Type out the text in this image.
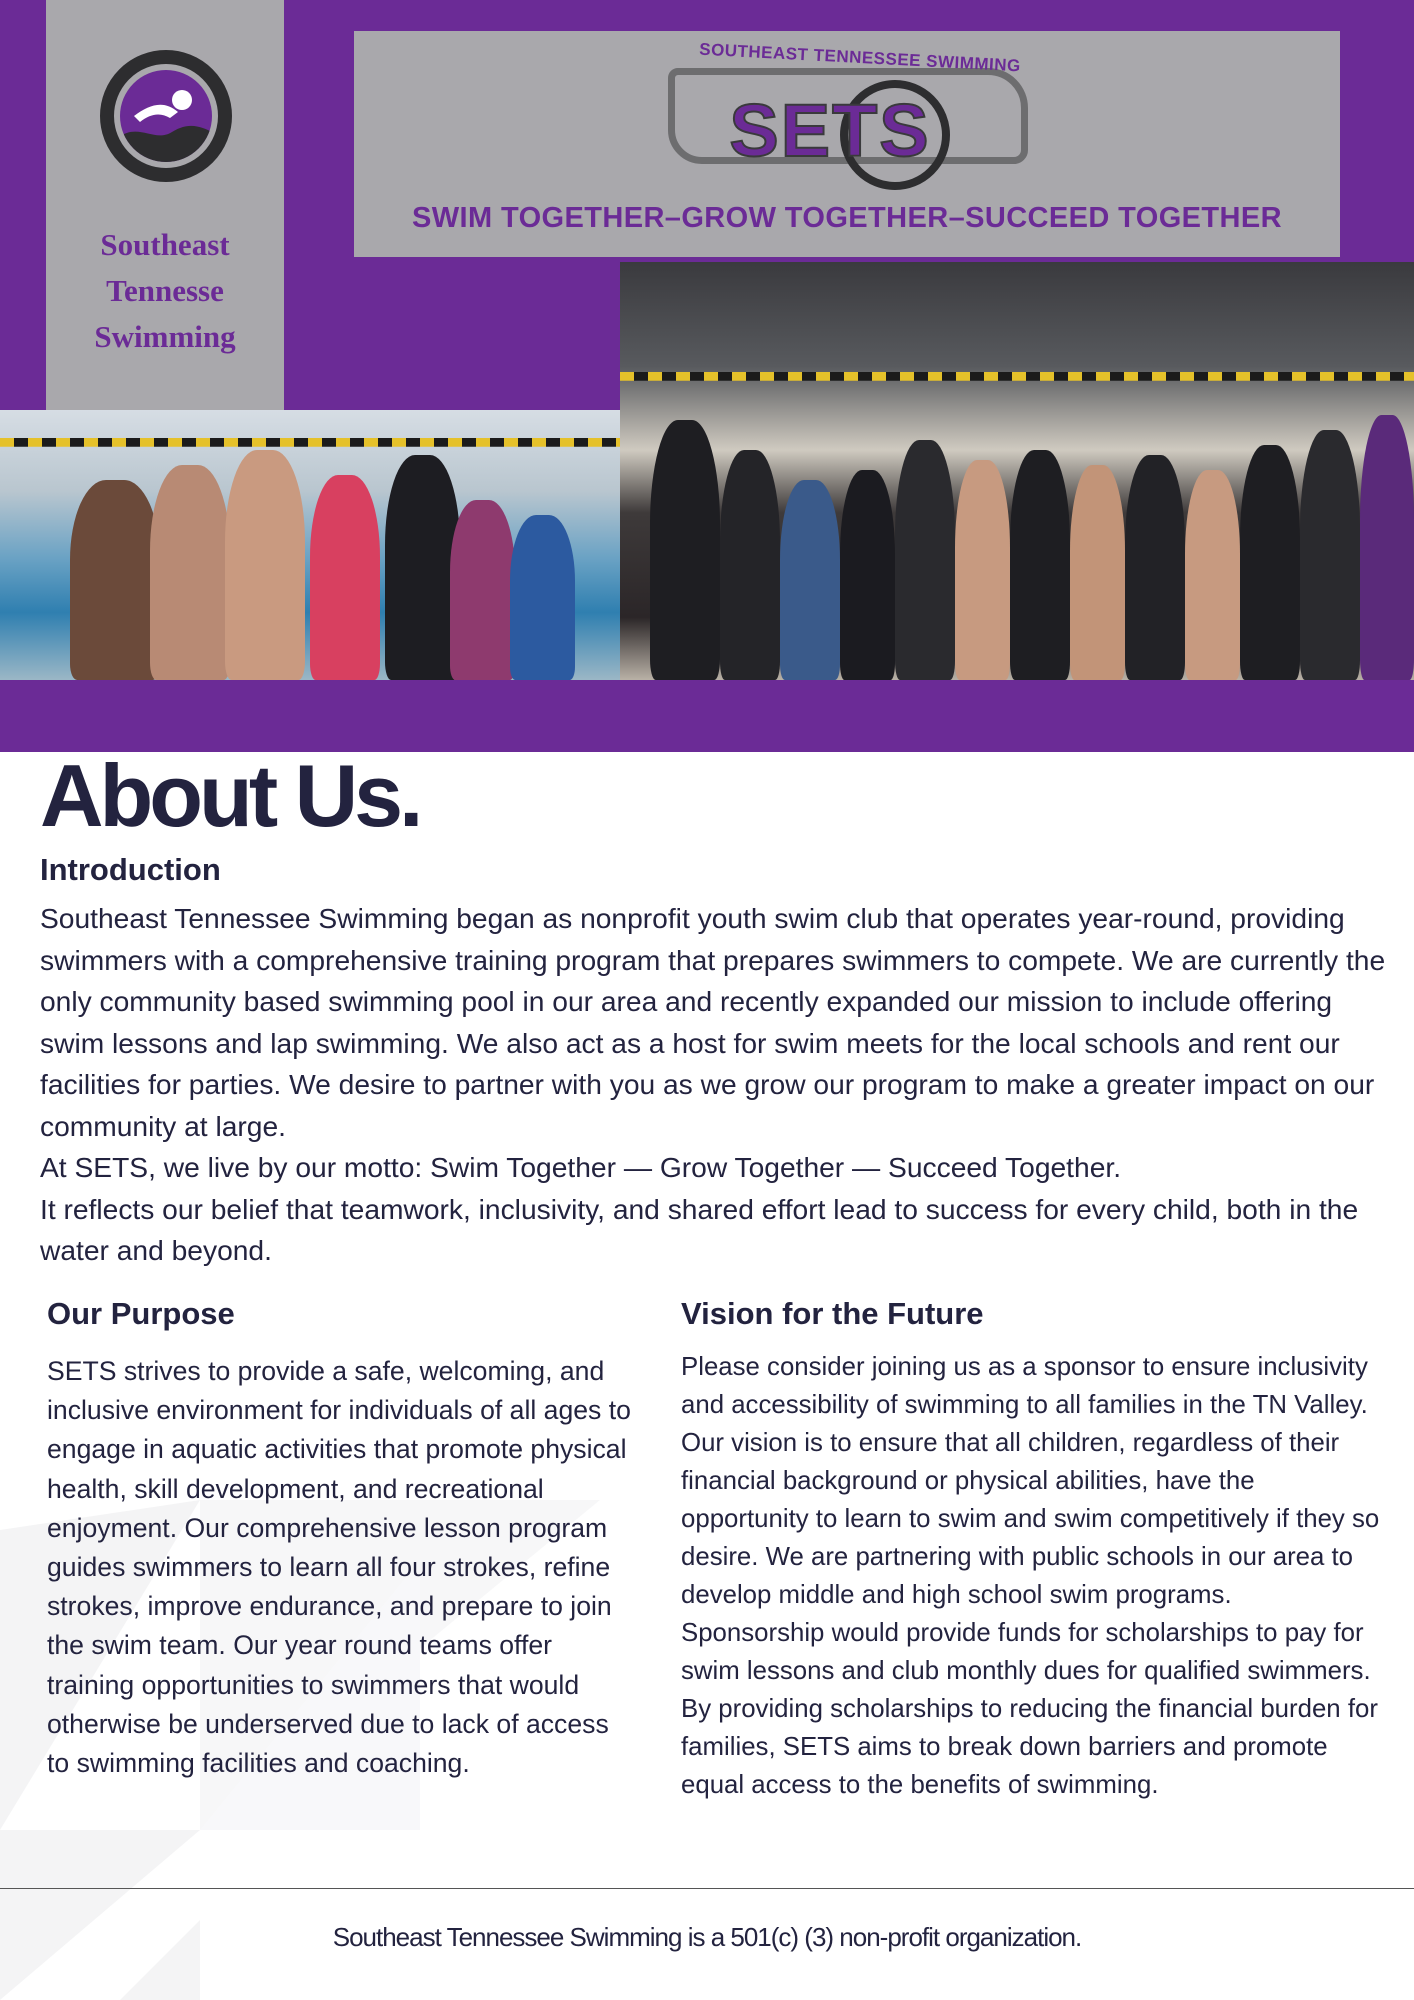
Southeast
Tennesse
Swimming
SOUTHEAST TENNESSEE SWIMMING
SETS
SWIM TOGETHER–GROW TOGETHER–SUCCEED TOGETHER
About Us.
Introduction

Southeast Tennessee Swimming began as nonprofit youth swim club that operates year-round, providing swimmers with a comprehensive training program that prepares swimmers to compete. We are currently the only community based swimming pool in our area and recently expanded our mission to include offering swim lessons and lap swimming. We also act as a host for swim meets for the local schools and rent our facilities for parties. We desire to partner with you as we grow our program to make a greater impact on our community at large.

At SETS, we live by our motto: Swim Together — Grow Together — Succeed Together.

It reflects our belief that teamwork, inclusivity, and shared effort lead to success for every child, both in the water and beyond.

Our Purpose
SETS strives to provide a safe, welcoming, and inclusive environment for individuals of all ages to engage in aquatic activities that promote physical health, skill development, and recreational enjoyment. Our comprehensive lesson program guides swimmers to learn all four strokes, refine strokes, improve endurance, and prepare to join the swim team. Our year round teams offer training opportunities to swimmers that would otherwise be underserved due to lack of access to swimming facilities and coaching.
Vision for the Future
Please consider joining us as a sponsor to ensure inclusivity and accessibility of swimming to all families in the TN Valley. Our vision is to ensure that all children, regardless of their financial background or physical abilities, have the opportunity to learn to swim and swim competitively if they so desire. We are partnering with public schools in our area to develop middle and high school swim programs. Sponsorship would provide funds for scholarships to pay for swim lessons and club monthly dues for qualified swimmers. By providing scholarships to reducing the financial burden for families, SETS aims to break down barriers and promote equal access to the benefits of swimming.
Southeast Tennessee Swimming is a 501(c) (3) non-profit organization.
